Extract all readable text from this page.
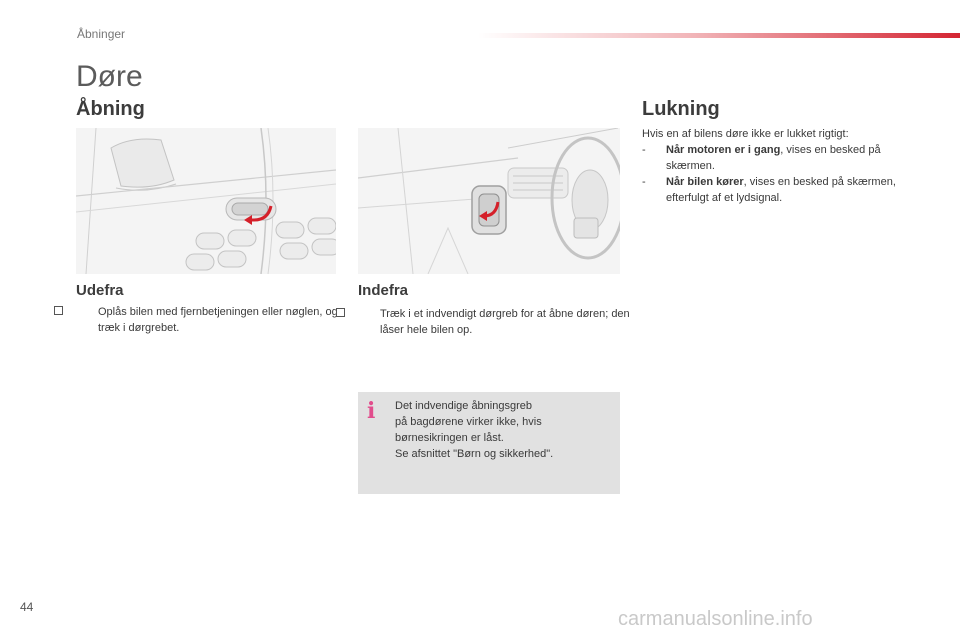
Åbninger
Døre
Åbning
Udefra
Oplås bilen med fjernbetjeningen eller nøglen, og træk i dørgrebet.
Indefra
Træk i et indvendigt dørgreb for at åbne døren; den låser hele bilen op.
i Det indvendige åbningsgreb
på bagdørene virker ikke, hvis
børnesikringen er låst.
Se afsnittet "Børn og sikkerhed".
Lukning
Hvis en af bilens døre ikke er lukket rigtigt:
- Når motoren er i gang, vises en besked på skærmen.
- Når bilen kører, vises en besked på skærmen, efterfulgt af et lydsignal.
44
carmanualsonline.info
